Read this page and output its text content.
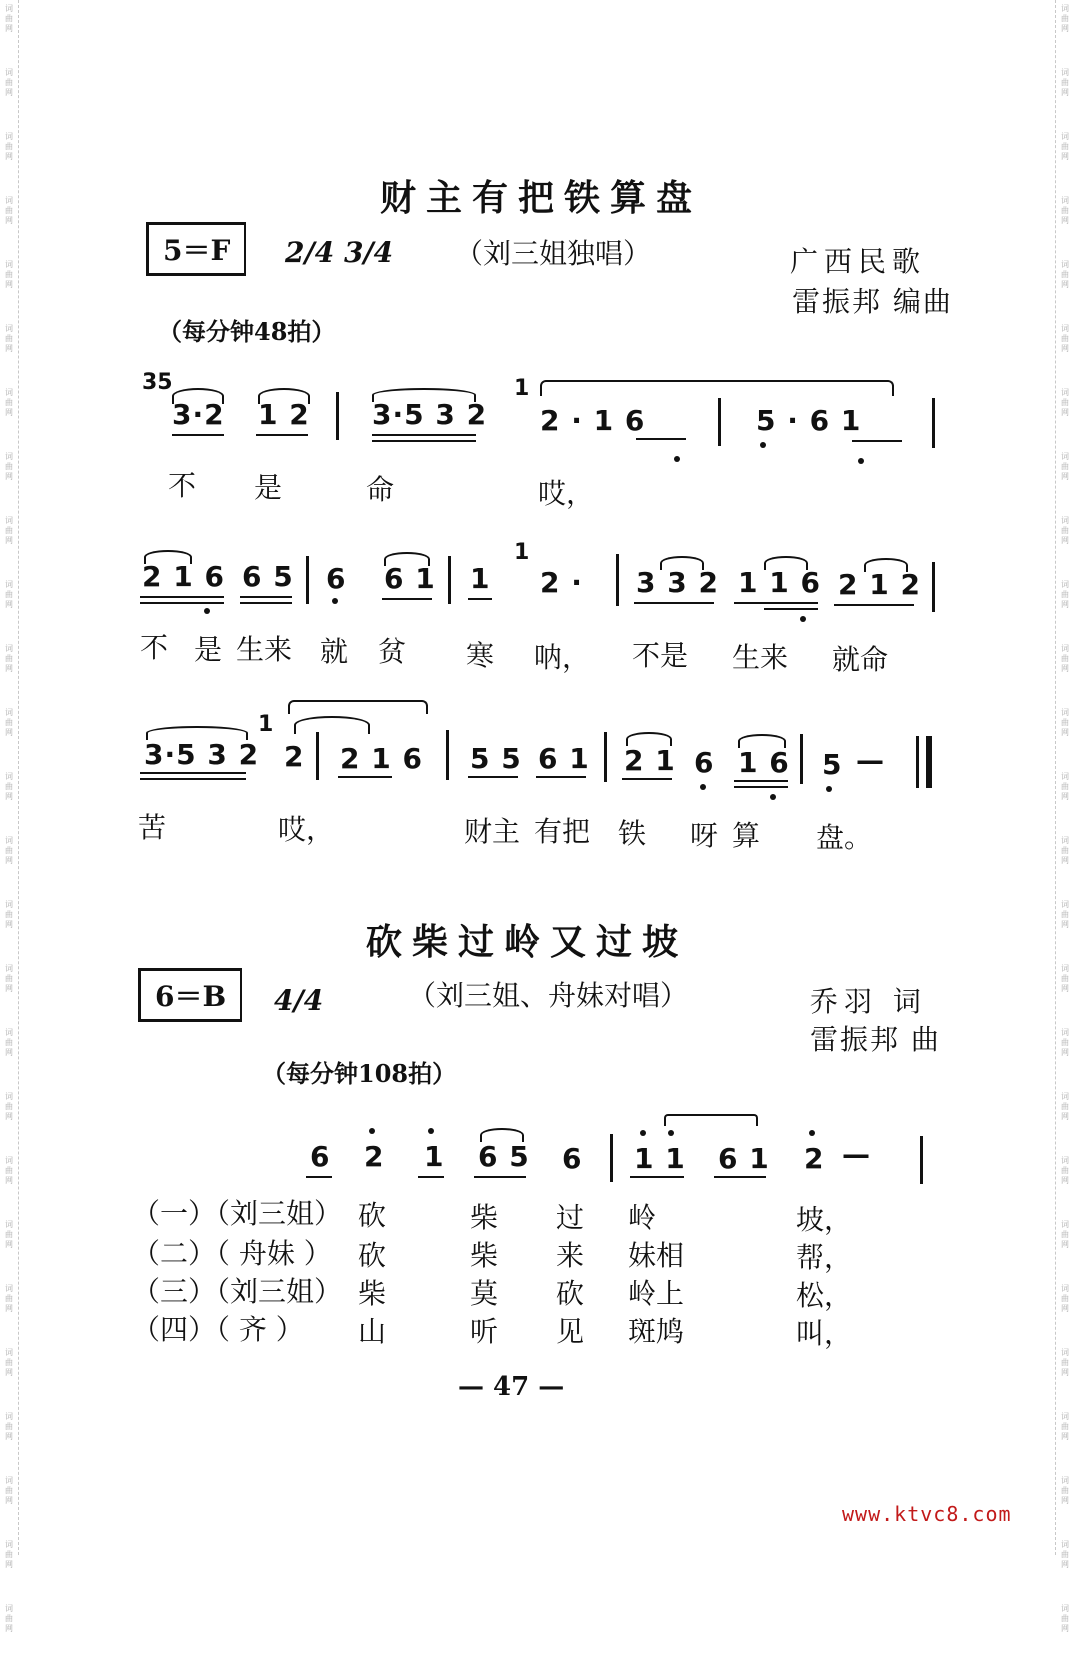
词
曲
网
词
曲
网
词
曲
网
词
曲
网
词
曲
网
词
曲
网
词
曲
网
词
曲
网
词
曲
网
词
曲
网
词
曲
网
词
曲
网
词
曲
网
词
曲
网
词
曲
网
词
曲
网
词
曲
网
词
曲
网
词
曲
网
词
曲
网
词
曲
网
词
曲
网
词
曲
网
词
曲
网
词
曲
网
词
曲
网
词
曲
网
词
曲
网
词
曲
网
词
曲
网
词
曲
网
词
曲
网
词
曲
网
词
曲
网
词
曲
网
词
曲
网
词
曲
网
词
曲
网
词
曲
网
词
曲
网
词
曲
网
词
曲
网
词
曲
网
词
曲
网
词
曲
网
词
曲
网
词
曲
网
词
曲
网
词
曲
网
词
曲
网
词
曲
网
词
曲
网
财主有把铁算盘
5＝F	2/4 3/4 （刘三姐独唱）	广西民歌
雷振邦 编曲
（每分钟48拍）
35
3·2 1 2 3·5 3 2
1
2 · 1 6	5 · 6 1
不 是	命	哎，
2 1 6 6 5 6 6 1 1
1
2 · 3 3 2 1 1 6 2 1 2
不 是 生来 就 贫 寒 呐， 不是 生来 就命
3·5 3 2
1
2 2 1 6 5 5 6 1 2 1 6 1 6 5 —
苦	哎，	财主 有把 铁 呀 算 盘。
砍柴过岭又过坡
6＝B	4/4	（刘三姐、舟妹对唱）	乔羽 词
雷振邦 曲
（每分钟108拍）
6 2 1 6 5 6 1 1 6 1 2 —
（一）（刘三姐） 砍	柴 过 岭	坡，
（二）（ 舟妹 ） 砍	柴 来 妹相	帮，
（三）（刘三姐） 柴	莫 砍 岭上	松，
（四）（ 齐 ） 山	听 见 斑鸠	叫，
— 47 —
www.ktvc8.com
